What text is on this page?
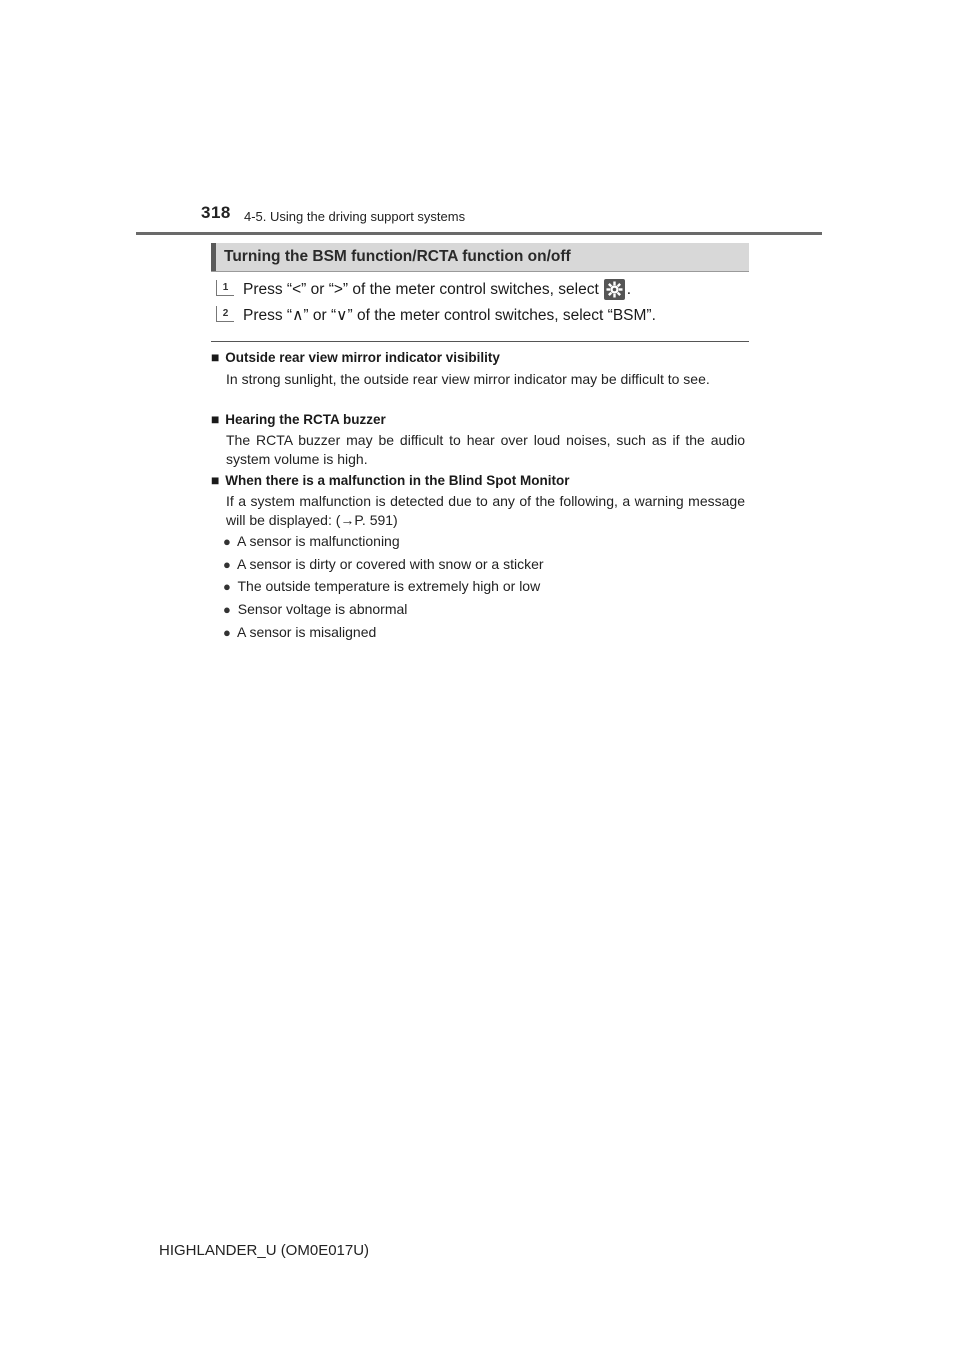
318 4-5. Using the driving support systems
Turning the BSM function/RCTA function on/off
1 Press “<” or “>” of the meter control switches, select .
2 Press “∧” or “∨” of the meter control switches, select “BSM”.
■ Outside rear view mirror indicator visibility
In strong sunlight, the outside rear view mirror indicator may be difficult to see.
■ Hearing the RCTA buzzer
The RCTA buzzer may be difficult to hear over loud noises, such as if the audio system volume is high.
■ When there is a malfunction in the Blind Spot Monitor
If a system malfunction is detected due to any of the following, a warning message will be displayed: (→P. 591)
● A sensor is malfunctioning
● A sensor is dirty or covered with snow or a sticker
● The outside temperature is extremely high or low
● Sensor voltage is abnormal
● A sensor is misaligned
HIGHLANDER_U (OM0E017U)
